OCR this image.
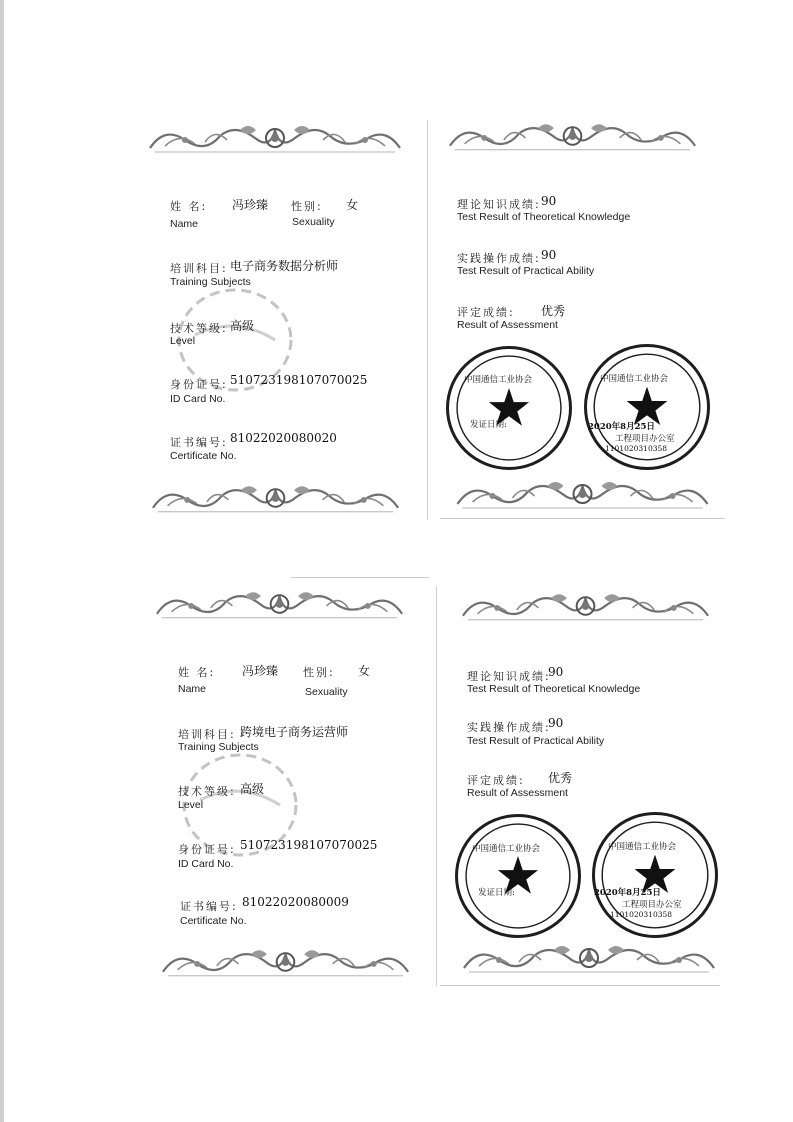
姓 名: 冯珍臻 性别: 女
Name	Sexuality
培训科目: 电子商务数据分析师
Training Subjects
技术等级: 高级
Level
身份证号: 510723198107070025
ID Card No.
证书编号: 81022020080020
Certificate No.
理论知识成绩: 90
Test Result of Theoretical Knowledge
实践操作成绩: 90
Test Result of Practical Ability
评定成绩: 优秀
Result of Assessment
中国通信工业协会
发证日期:
中国通信工业协会
2020年8月25日
工程项目办公室
1101020310358
姓 名: 冯珍臻 性别: 女
Name	Sexuality
培训科目: 跨境电子商务运营师
Training Subjects
技术等级: 高级
Level
身份证号: 510723198107070025
ID Card No.
证书编号: 81022020080009
Certificate No.
理论知识成绩:
90
Test Result of Theoretical Knowledge
实践操作成绩:
90
Test Result of Practical Ability
评定成绩: 优秀
Result of Assessment
中国通信工业协会
发证日期:
中国通信工业协会
2020年8月25日
工程项目办公室
1101020310358
